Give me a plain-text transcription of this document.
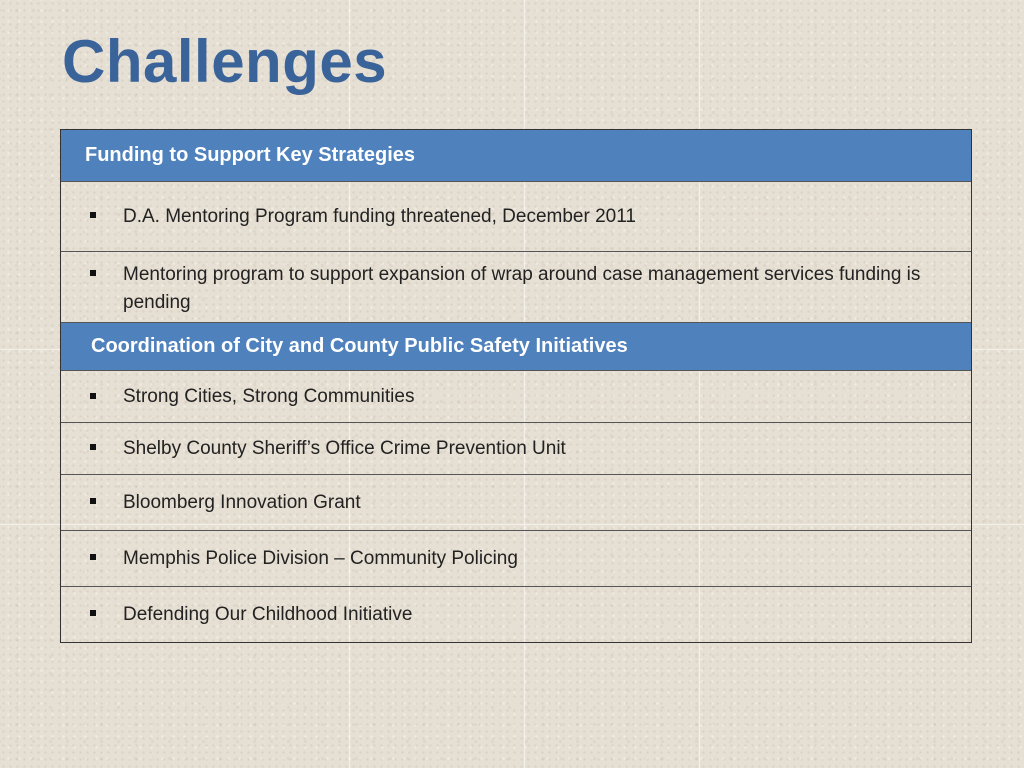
Challenges
Funding to Support Key Strategies
D.A. Mentoring Program funding threatened, December 2011
Mentoring program to support expansion of wrap around case management services funding is pending
Coordination of City and County Public Safety Initiatives
Strong Cities, Strong Communities
Shelby County Sheriff’s Office Crime Prevention Unit
Bloomberg Innovation Grant
Memphis Police Division – Community Policing
Defending Our Childhood Initiative
